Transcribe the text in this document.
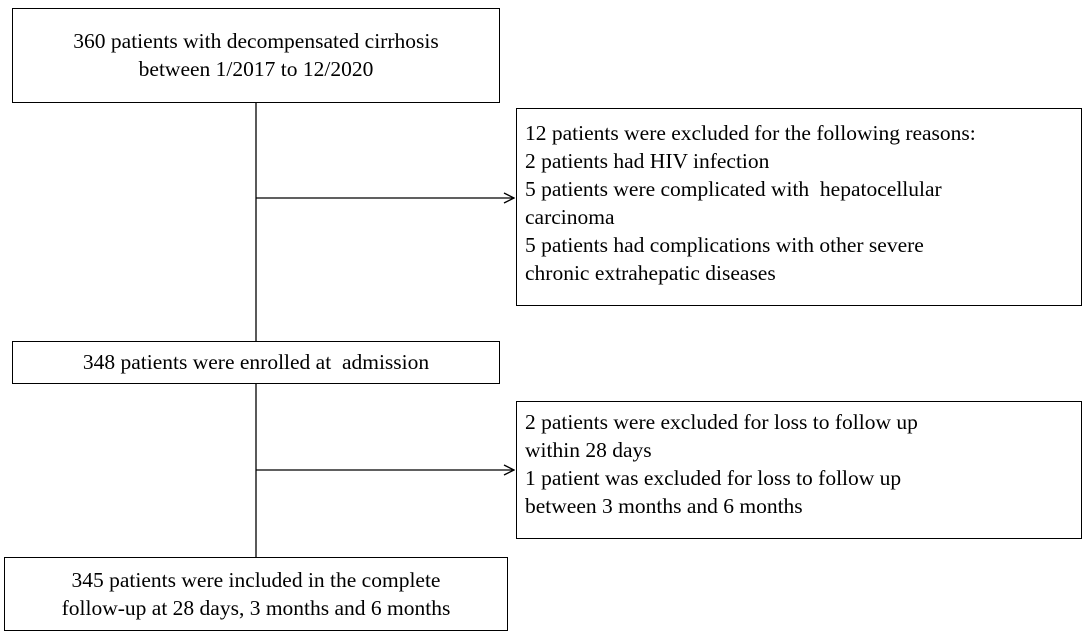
360 patients with decompensated cirrhosis
between 1/2017 to 12/2020
12 patients were excluded for the following reasons:
2 patients had HIV infection
5 patients were complicated with  hepatocellular
carcinoma
5 patients had complications with other severe
chronic extrahepatic diseases
348 patients were enrolled at  admission
2 patients were excluded for loss to follow up
within 28 days
1 patient was excluded for loss to follow up
between 3 months and 6 months
345 patients were included in the complete
follow-up at 28 days, 3 months and 6 months
